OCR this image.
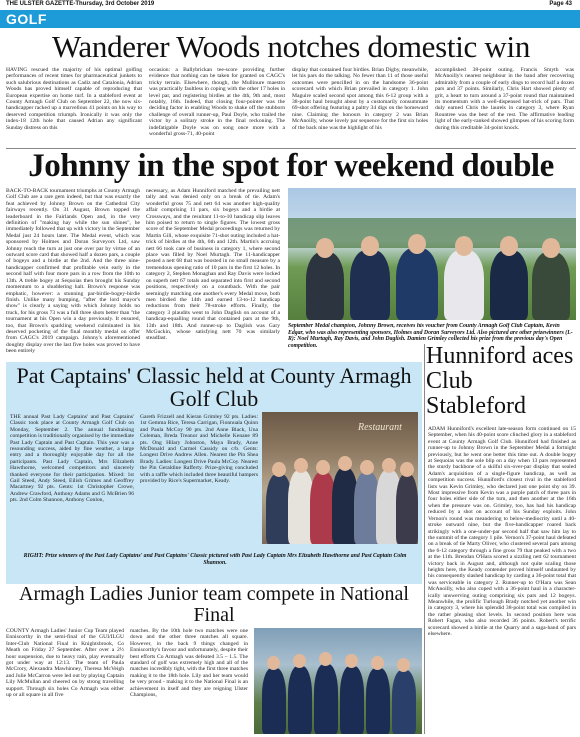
THE ULSTER GAZETTE-Thursday, 3rd October 2019	Page 43
GOLF
Wanderer Woods notches domestic win
HAVING rescued the majority of his optimal golfing performances of recent times for pharmaceutical junkets to such salubrious destinations as Cadiz and Catalonia, Adrian Woods has proved himself capable of reproducing that European expertise on home turf. In a stableford event at County Armagh Golf Club on September 22, the now six-handicapper racked up a marvellous 41 points on his way to deserved competition triumph. Ironically it was only the index-18 12th hole that caused Adrian any significant Sunday distress on this
occasion: a Ballybrickan tee-score providing further evidence that nothing can be taken for granted on CAGC's tricky terrain. Elsewhere, though, the Mullinure maestro was practically faultless in coping with the other 17 holes in level par, and registering birdies at the 4th, 9th and, most notably, 16th. Indeed, that closing four-pointer was the deciding factor in enabling Woods to shake off the stubborn challenge of overall runner-up, Paul Doyle, who trailed the victor by a solitary stroke in the final reckoning. The indefatigable Doyle was on song once more with a wonderful gross-71, 40-point
display that contained four birdies. Brian Digby, meanwhile, let his pars do the talking. No fewer than 11 of those useful outcomes were pencilled in on the handsome 36-point scorecard with which Brian prevailed in category 1. John Maguire scaled second spot among this 6-12 group with a 38-point haul brought about by a customarily consummate 69-shot offering featuring a paltry 34 digs on the homeward nine. Claiming the honours in category 2 was Brian McAnoilly, whose lovely par sequence for the first six holes of the back nine was the highlight of his
accomplished 38-point outing. Francis Smyth was McAnoilly's nearest neighbour in the band after recovering admirably from a couple of early dings to record half a dozen pars and 37 points. Similarly, Chris Hart showed plenty of grit, a heart to turn around a 37-point round that maintained its momentum with a well-dispensed hat-trick of pars. That duly earned Chris the laurels in category 3, where Ryan Rountree was the best of the rest. The affirmative leading light of the early-ranked showed glimpses of his scoring form during this creditable 34-point knock.
Johnny in the spot for weekend double
BACK-TO-BACK tournament triumphs at County Armagh Golf Club are a rare gem indeed, but that was exactly the feat achieved by Johnny Brown on the Cathedral City fairways recently. On 31 August, Brown topped the leaderboard in the Fairlands Open and, in the very definition of "making hay while the sun shines", he immediately followed that up with victory in the September Medal just 24 hours later. The Medal event, which was sponsored by Holmes and Doran Surveyors Ltd, saw Johnny reach the turn at just one over par by virtue of an outward score card that showed half a dozen pars, a couple of bogeys and a birdie at the 2nd. And the three nine-handicapper confirmed that profitable vein early in the second half with four more pars in a row from the 10th to 13th. A treble bogey at Sequoias then brought his Sunday momentum to a shuddering halt. Brown's response was emphatic, however: a stunning par-birdie-bogey-birdie finish. Unlike many bumping, "after the lord mayor's show" is clearly a saying with which Johnny holds no truck, for his gross 73 was a full three shots better than "the tournament at his Open win a day previously. It ensured, too, that Brown's sparkling weekend culminated in his deserved pocketing of the final monthly medal on offer from CAGC's 2019 campaign. Johnny's aforementioned doughty display over the last five holes was proved to have been entirely
necessary, as Adam Hunniford matched the prevailing nett tally and was denied only on a break of tie. Adam's wonderful gross 75 and nett 64 was another high-quality affair comprising 11 pars, six bogeys and a birdie at Crossways, and the resultant 11-to-10 handicap slip leaves him poised to return to single figures. The lowest gross score of the September Medal proceedings was returned by Martin Gill, whose exquisite 71-shot outing included a hat-trick of birdies at the 4th, 6th and 12th. Martin's accruing nett 66 took care of business in category 1, where second place was filled by Noel Murtagh. The 11-handicapper posted a nett 68 that was boosted in no small measure by a tremendous opening ratio of 10 pars in the first 12 holes. In category 2, Stephen Monaghan and Ray Davis were locked on superb nett 67 totals and separated into first and second positions, respectively on a countback. With the pair seemingly matching one another's every Medal move, both men birdied the 14th and earned 13-to-12 handicap reductions from their 78-stroke efforts. Finally, the category 3 plaudits went to John Daglish on account of a handicap-equalling round that contained pars at the 9th, 13th and 18th. And runner-up to Daglish was Gary McGuckin, whose satisfying nett 70 was similarly steadfast.
September Medal champion, Johnny Brown, receives his voucher from County Armagh Golf Club Captain, Kevin Edgar, who was also representing sponsors, Holmes and Doran Surveyors Ltd. Also pictured are other prizewinners (L-R): Noel Murtagh, Ray Davis, and John Daglish. Damien Grimley collected his prize from the previous day's Open competition.
Pat Captains' Classic held at County Armagh Golf Club
THE annual Past Lady Captains' and Past Captains' Classic took place at County Armagh Golf Club on Monday, September 2. The annual fundraising competition is traditionally organised by the immediate Past Lady Captain and Past Captain. This year was a resounding success, aided by fine weather, a large entry and a thoroughly enjoyable day for all the participants. Past Lady Captain, Mrs Elizabeth Hawthorne, welcomed competitors and sincerely thanked everyone for their participation. Mixed: 1st Gail Steed, Andy Steed, Eilish Grimes and Geoffrey Macartney 92 pts. Gents: 1st Christopher Crowe, Andrew Crawford, Anthony Adams and G McBrien 96 pts. 2nd Colm Shannon, Anthony Conlon,
Gareth Frizzell and Kieran Grimley 92 pts. Ladies: 1st Gemma Rice, Teresa Carrigan, Fionnuala Quinn and Paula McCoy 90 pts. 2nd Anne Black, Una Coleman, Breda Treanor and Michelle Kenane 89 pts. Ong Hilary Johnston, Maya Brady, Anne McDonald and Carmel Cassidy on c/b. Gents: Longest Drive Andrew Allen. Nearest the Pin Shea Brady. Ladies: Longest Drive Paula McCoy. Nearest the Pin Geraldine Rafferty. Prize-giving concluded with a raffle which included three beautiful hampers provided by Rice's Supermarket, Keady.
Restaurant
RIGHT: Prize winners of the Past Lady Captains' and Past Captains' Classic pictured with Past Lady Captain Mrs Elizabeth Hawthorne and Past Captain Colm Shannon.
Armagh Ladies Junior team compete in National Final
COUNTY Armagh Ladies' Junior Cup Team played Enniscorthy in the semi-final of the GUI/ILGU Inter-Club National Final in Knightsbrook, Co Meath on Friday 27 September. After over a 2½ hour suspension, due to heavy rain, play eventually got under way at 12:13. The team of Paula McCrory, Alexandra Mawhinney, Theresa McVeigh and Julie McCarron were led out by playing Captain Lily McMullan and cheered on by strong travelling support. Through six holes Co Armagh was either up or all square in all five
matches. By the 10th hole two matches were one down and the other three matches all square. However, in the back 9 things changed in Enniscorthy's favour and unfortunately, despite their best efforts Co Armagh was defeated 3.5 – 1.5. The standard of golf was extremely high and all of the matches incredibly tight, with the first three matches making it to the 18th hole. Lily and her team would be very proud - making it to the National Final is an achievement in itself and they are reigning Ulster Champions,
Hunniford aces Club Stableford
ADAM Hunniford's excellent late-season form continued on 15 September, when his 40-point score clinched glory in a stableford event at County Armagh Golf Club. Hunniford had finished as runner-up to Johnny Brown in the September Medal a fortnight previously, but he went one better this time out. A double bogey at Sequoias was the sole blip on a day when 13 pars represented the sturdy backbone of a skilful six-over-par display that sealed Adam's acquisition of a single-figure handicap, as well as competition success. Hunniford's closest rival in the stableford lists was Kevin Grimley, who declared just one point shy on 39. Most impressive from Kevin was a purple patch of three pars in four holes either side of the turn, and then another at the 16th when the pressure was on. Grimley, too, has had his handicap reduced by a shot on account of his Sunday exploits. John Vernon's round was meandering to below-mediocrity until a 40-stroke outward nine, but the five-handicapper roared back strikingly with a one-under-par second half that saw him lay to the summit of the category 1 pile. Vernon's 37-point haul defeated on a break of tie Marty Oliver, who clustered several pars among the 6-12 category through a fine gross 79 that peaked with a two at the 11th. Brendan O'Hara scored a sizzling nett 62 tournament victory back in August and, although not quite scaling those heights here, the Keady contender proved himself undaunted by his consequently slashed handicap by carding a 36-point total that was serviceable in category 2. Runner-up to O'Hara was Sean McAnoilly, who also coped with a 36-point haul in a character-ically unswerving outing comprising six pars and 12 bogeys. Meanwhile, the prolific Turlough Brady notched yet another win in category 3, where his splendid 38-point total was compiled in the rather pleasing shot levels. In second position here was Robert Fagan, who also recorded 36 points. Robert's terrific scorecard showed a birdie at the Quarry and a saga-hand of pars elsewhere.
